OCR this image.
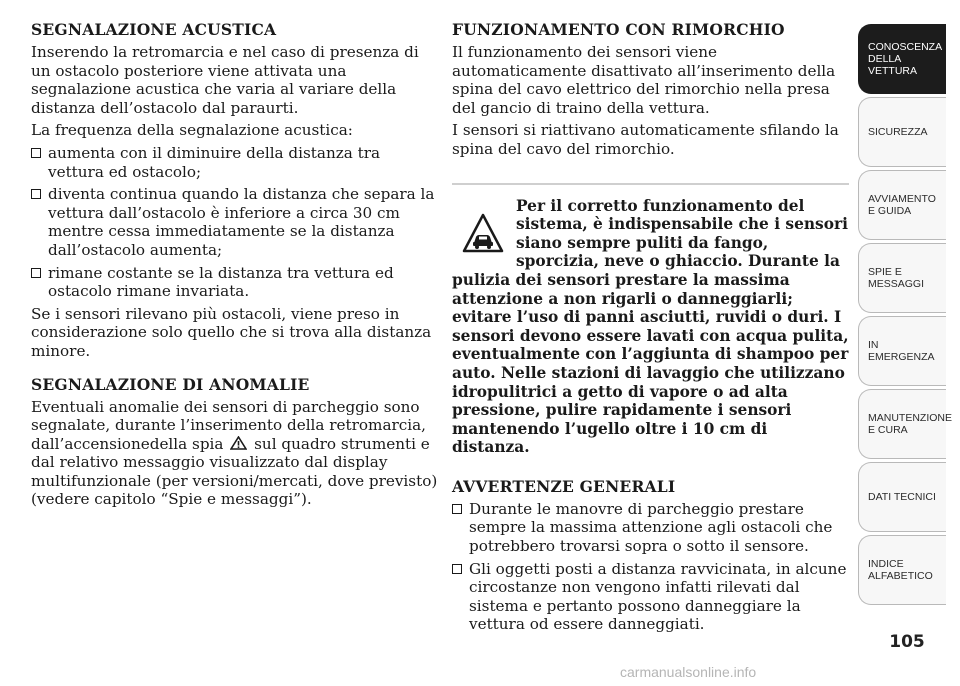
SEGNALAZIONE ACUSTICA

Inserendo la retromarcia e nel caso di presenza di un ostacolo posteriore viene attivata una segnalazione acustica che varia al variare della distanza dell’ostacolo dal paraurti.

La frequenza della segnalazione acustica:

aumenta con il diminuire della distanza tra vettura ed ostacolo;
diventa continua quando la distanza che separa la vettura dall’ostacolo è inferiore a circa 30 cm mentre cessa immediatamente se la distanza dall’ostacolo aumenta;
rimane costante se la distanza tra vettura ed ostacolo rimane invariata.

Se i sensori rilevano più ostacoli, viene preso in considerazione solo quello che si trova alla distanza minore.

SEGNALAZIONE DI ANOMALIE

Eventuali anomalie dei sensori di parcheggio sono segnalate, durante l’inserimento della retromarcia, dall’accensionedella spia sul quadro strumenti e dal relativo messaggio visualizzato dal display multifunzionale (per versioni/mercati, dove previsto) (vedere capitolo “Spie e messaggi”).

FUNZIONAMENTO CON RIMORCHIO

Il funzionamento dei sensori viene automaticamente disattivato all’inserimento della spina del cavo elettrico del rimorchio nella presa del gancio di traino della vettura.

I sensori si riattivano automaticamente sfilando la spina del cavo del rimorchio.

Per il corretto funzionamento del sistema, è indispensabile che i sensori siano sempre puliti da fango, sporcizia, neve o ghiaccio. Durante la pulizia dei sensori prestare la massima attenzione a non rigarli o danneggiarli; evitare l’uso di panni asciutti, ruvidi o duri. I sensori devono essere lavati con acqua pulita, eventualmente con l’aggiunta di shampoo per auto. Nelle stazioni di lavaggio che utilizzano idropulitrici a getto di vapore o ad alta pressione, pulire rapidamente i sensori mantenendo l’ugello oltre i 10 cm di distanza.
AVVERTENZE GENERALI
Durante le manovre di parcheggio prestare sempre la massima attenzione agli ostacoli che potrebbero trovarsi sopra o sotto il sensore.
Gli oggetti posti a distanza ravvicinata, in alcune circostanze non vengono infatti rilevati dal sistema e pertanto possono danneggiare la vettura od essere danneggiati.
CONOSCENZA DELLA VETTURA
SICUREZZA
AVVIAMENTO E GUIDA
SPIE E MESSAGGI
IN EMERGENZA
MANUTENZIONE E CURA
DATI TECNICI
INDICE ALFABETICO
105
carmanualsonline.info
